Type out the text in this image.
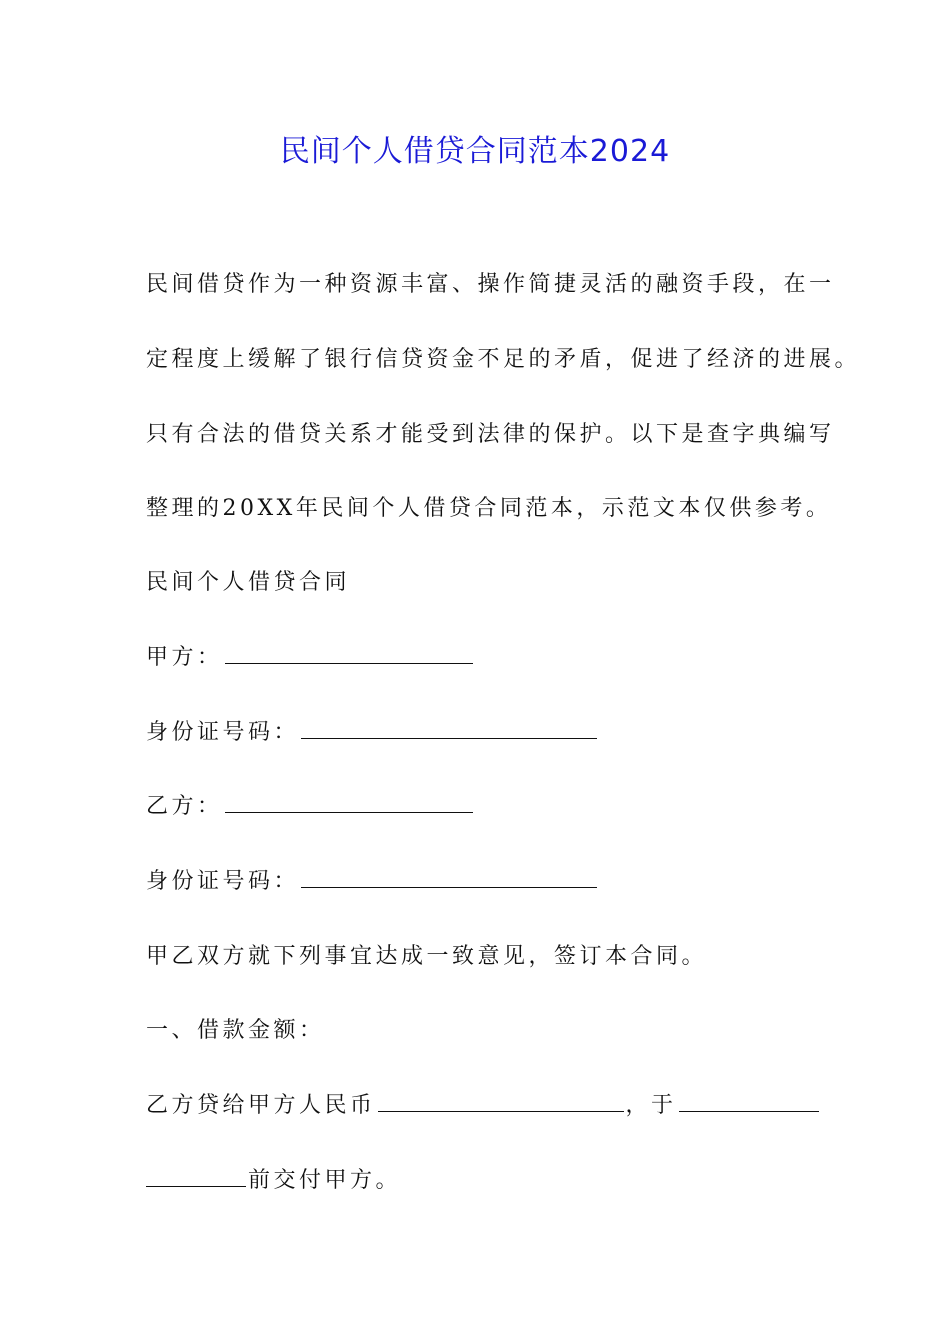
民间个人借贷合同范本2024
民间借贷作为一种资源丰富、操作简捷灵活的融资手段，在一
定程度上缓解了银行信贷资金不足的矛盾，促进了经济的进展。
只有合法的借贷关系才能受到法律的保护。以下是查字典编写
整理的20XX年民间个人借贷合同范本，示范文本仅供参考。
民间个人借贷合同
甲方：
身份证号码：
乙方：
身份证号码：
甲乙双方就下列事宜达成一致意见，签订本合同。
一、借款金额：
乙方贷给甲方人民币	，于
前交付甲方。
